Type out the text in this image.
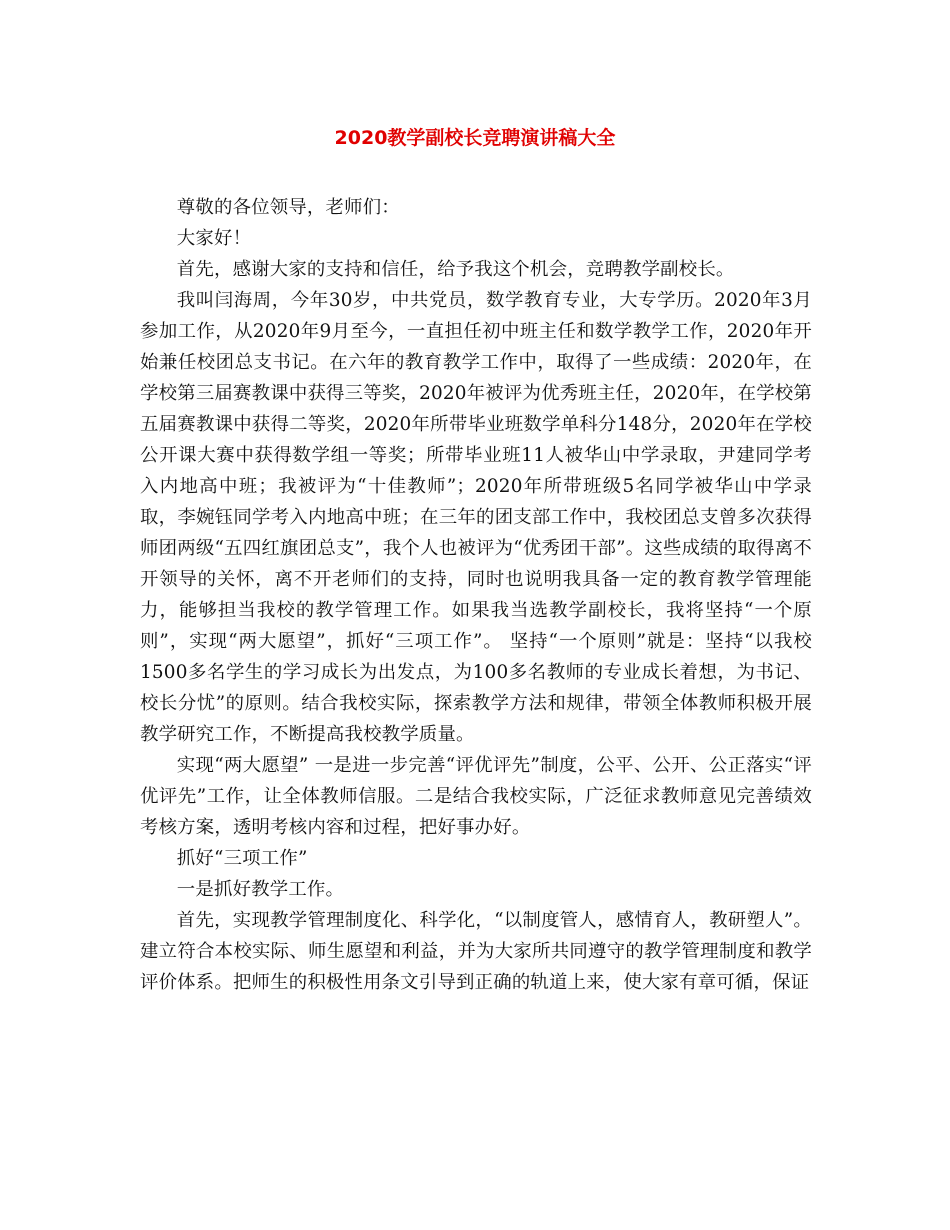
2020教学副校长竞聘演讲稿大全

尊敬的各位领导，老师们：

大家好！

首先，感谢大家的支持和信任，给予我这个机会，竞聘教学副校长。

我叫闫海周，今年30岁，中共党员，数学教育专业，大专学历。2020年3月参加工作，从2020年9月至今，一直担任初中班主任和数学教学工作，2020年开始兼任校团总支书记。在六年的教育教学工作中，取得了一些成绩：2020年，在学校第三届赛教课中获得三等奖，2020年被评为优秀班主任，2020年，在学校第五届赛教课中获得二等奖，2020年所带毕业班数学单科分148分，2020年在学校公开课大赛中获得数学组一等奖；所带毕业班11人被华山中学录取，尹建同学考入内地高中班；我被评为“十佳教师”；2020年所带班级5名同学被华山中学录取，李婉钰同学考入内地高中班；在三年的团支部工作中，我校团总支曾多次获得师团两级“五四红旗团总支”，我个人也被评为“优秀团干部”。这些成绩的取得离不开领导的关怀，离不开老师们的支持，同时也说明我具备一定的教育教学管理能力，能够担当我校的教学管理工作。如果我当选教学副校长，我将坚持“一个原则”，实现“两大愿望”，抓好“三项工作”。 坚持“一个原则”就是：坚持“以我校1500多名学生的学习成长为出发点，为100多名教师的专业成长着想，为书记、校长分忧”的原则。结合我校实际，探索教学方法和规律，带领全体教师积极开展教学研究工作，不断提高我校教学质量。

实现“两大愿望” 一是进一步完善“评优评先”制度，公平、公开、公正落实“评优评先”工作，让全体教师信服。二是结合我校实际，广泛征求教师意见完善绩效考核方案，透明考核内容和过程，把好事办好。

抓好“三项工作”

一是抓好教学工作。

首先，实现教学管理制度化、科学化，“以制度管人，感情育人，教研塑人”。建立符合本校实际、师生愿望和利益，并为大家所共同遵守的教学管理制度和教学评价体系。把师生的积极性用条文引导到正确的轨道上来，使大家有章可循，保证
